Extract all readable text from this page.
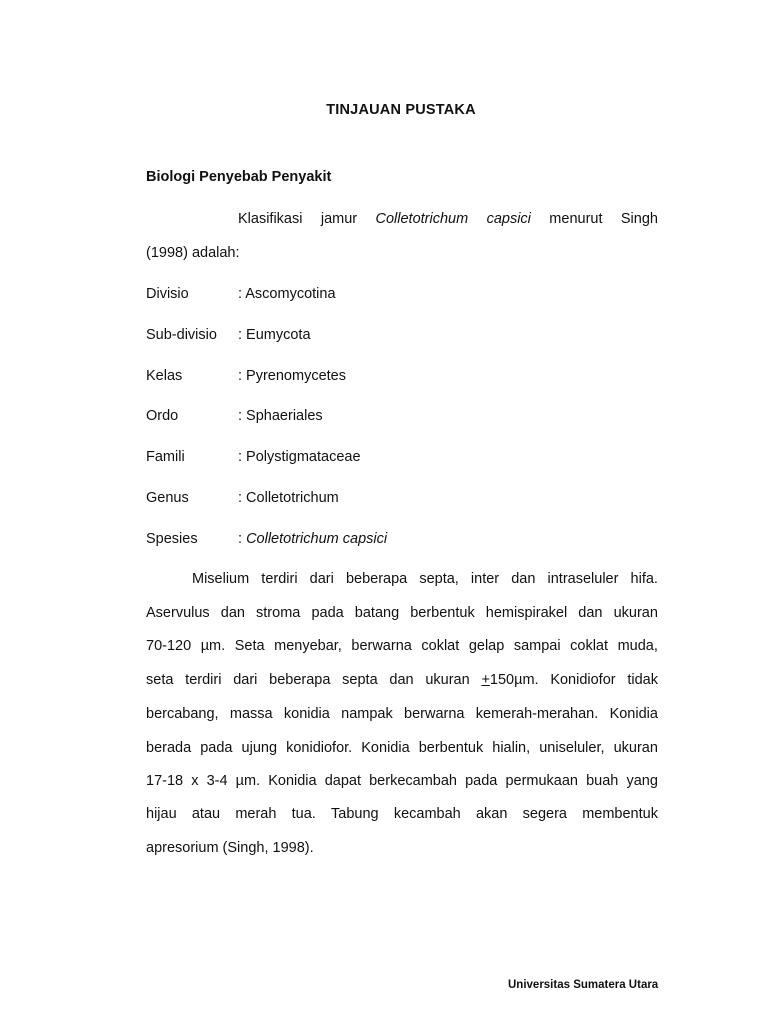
TINJAUAN PUSTAKA
Biologi Penyebab Penyakit
Klasifikasi jamur Colletotrichum capsici menurut Singh
(1998) adalah:
Divisio	: Ascomycotina
Sub-divisio : Eumycota
Kelas	: Pyrenomycetes
Ordo	: Sphaeriales
Famili	: Polystigmataceae
Genus	: Colletotrichum
Spesies	: Colletotrichum capsici
Miselium terdiri dari beberapa septa, inter dan intraseluler hifa.
Aservulus dan stroma pada batang berbentuk hemispirakel dan ukuran
70-120 µm. Seta menyebar, berwarna coklat gelap sampai coklat muda,
seta terdiri dari beberapa septa dan ukuran +150µm. Konidiofor tidak
bercabang, massa konidia nampak berwarna kemerah-merahan. Konidia
berada pada ujung konidiofor. Konidia berbentuk hialin, uniseluler, ukuran
17-18 x 3-4 µm. Konidia dapat berkecambah pada permukaan buah yang
hijau atau merah tua. Tabung kecambah akan segera membentuk
apresorium (Singh, 1998).
Universitas Sumatera Utara
